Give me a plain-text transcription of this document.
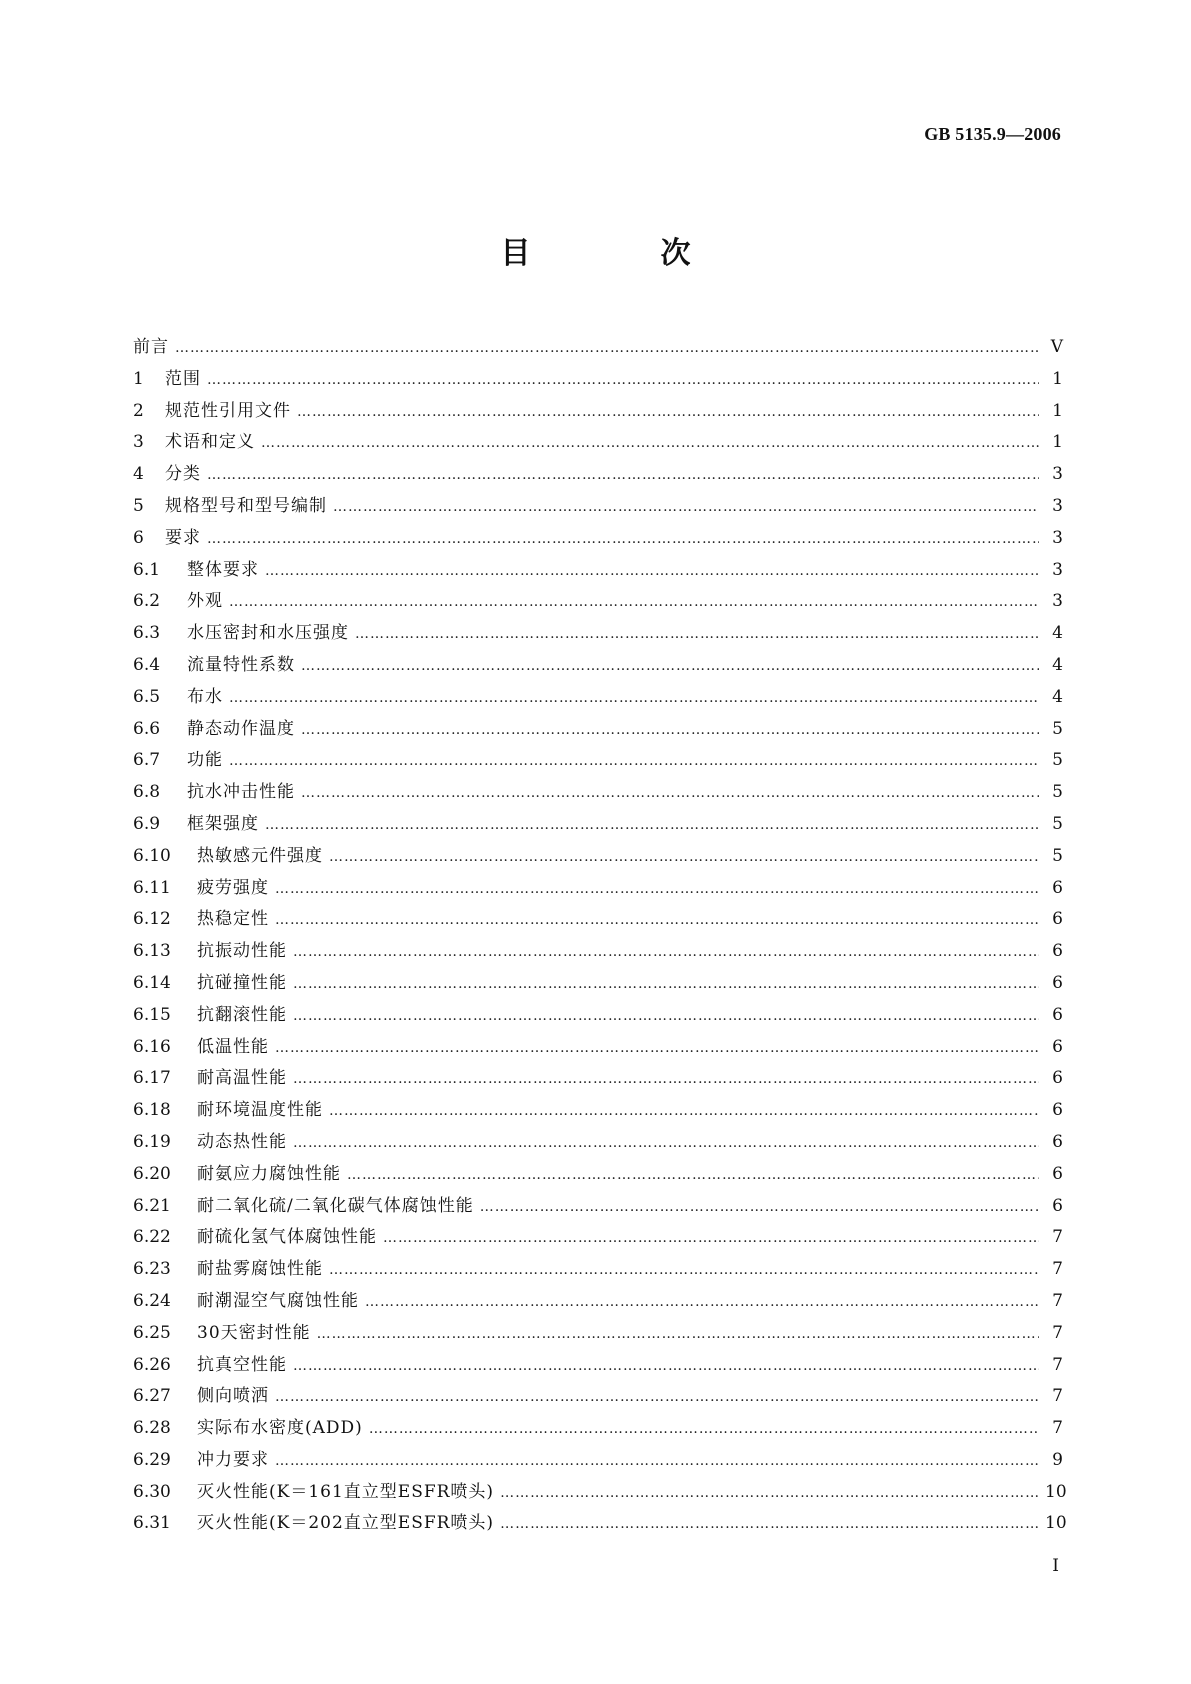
GB 5135.9—2006
目　次
前言 ……………………………………………………………………………………………………………………………………………………………………………………………	Ⅴ
1	范围 ……………………………………………………………………………………………………………………………………………………………………………………………	1
2	规范性引用文件 ……………………………………………………………………………………………………………………………………………………………………………………………	1
3	术语和定义 ……………………………………………………………………………………………………………………………………………………………………………………………	1
4	分类 ……………………………………………………………………………………………………………………………………………………………………………………………	3
5	规格型号和型号编制 ……………………………………………………………………………………………………………………………………………………………………………………………	3
6	要求 ……………………………………………………………………………………………………………………………………………………………………………………………	3
6.1	整体要求 ……………………………………………………………………………………………………………………………………………………………………………………………	3
6.2	外观 ……………………………………………………………………………………………………………………………………………………………………………………………	3
6.3	水压密封和水压强度 ……………………………………………………………………………………………………………………………………………………………………………………………	4
6.4	流量特性系数 ……………………………………………………………………………………………………………………………………………………………………………………………	4
6.5	布水 ……………………………………………………………………………………………………………………………………………………………………………………………	4
6.6	静态动作温度 ……………………………………………………………………………………………………………………………………………………………………………………………	5
6.7	功能 ……………………………………………………………………………………………………………………………………………………………………………………………	5
6.8	抗水冲击性能 ……………………………………………………………………………………………………………………………………………………………………………………………	5
6.9	框架强度 ……………………………………………………………………………………………………………………………………………………………………………………………	5
6.10	热敏感元件强度 ……………………………………………………………………………………………………………………………………………………………………………………………	5
6.11	疲劳强度 ……………………………………………………………………………………………………………………………………………………………………………………………	6
6.12	热稳定性 ……………………………………………………………………………………………………………………………………………………………………………………………	6
6.13	抗振动性能 ……………………………………………………………………………………………………………………………………………………………………………………………	6
6.14	抗碰撞性能 ……………………………………………………………………………………………………………………………………………………………………………………………	6
6.15	抗翻滚性能 ……………………………………………………………………………………………………………………………………………………………………………………………	6
6.16	低温性能 ……………………………………………………………………………………………………………………………………………………………………………………………	6
6.17	耐高温性能 ……………………………………………………………………………………………………………………………………………………………………………………………	6
6.18	耐环境温度性能 ……………………………………………………………………………………………………………………………………………………………………………………………	6
6.19	动态热性能 ……………………………………………………………………………………………………………………………………………………………………………………………	6
6.20	耐氨应力腐蚀性能 ……………………………………………………………………………………………………………………………………………………………………………………………	6
6.21	耐二氧化硫/二氧化碳气体腐蚀性能 ……………………………………………………………………………………………………………………………………………………………………………………………	6
6.22	耐硫化氢气体腐蚀性能 ……………………………………………………………………………………………………………………………………………………………………………………………	7
6.23	耐盐雾腐蚀性能 ……………………………………………………………………………………………………………………………………………………………………………………………	7
6.24	耐潮湿空气腐蚀性能 ……………………………………………………………………………………………………………………………………………………………………………………………	7
6.25	30天密封性能 ……………………………………………………………………………………………………………………………………………………………………………………………	7
6.26	抗真空性能 ……………………………………………………………………………………………………………………………………………………………………………………………	7
6.27	侧向喷洒 ……………………………………………………………………………………………………………………………………………………………………………………………	7
6.28	实际布水密度(ADD) ……………………………………………………………………………………………………………………………………………………………………………………………	7
6.29	冲力要求 ……………………………………………………………………………………………………………………………………………………………………………………………	9
6.30	灭火性能(K＝161直立型ESFR喷头) ……………………………………………………………………………………………………………………………………………………………………………………………	10
6.31	灭火性能(K＝202直立型ESFR喷头) ……………………………………………………………………………………………………………………………………………………………………………………………	10
Ⅰ
